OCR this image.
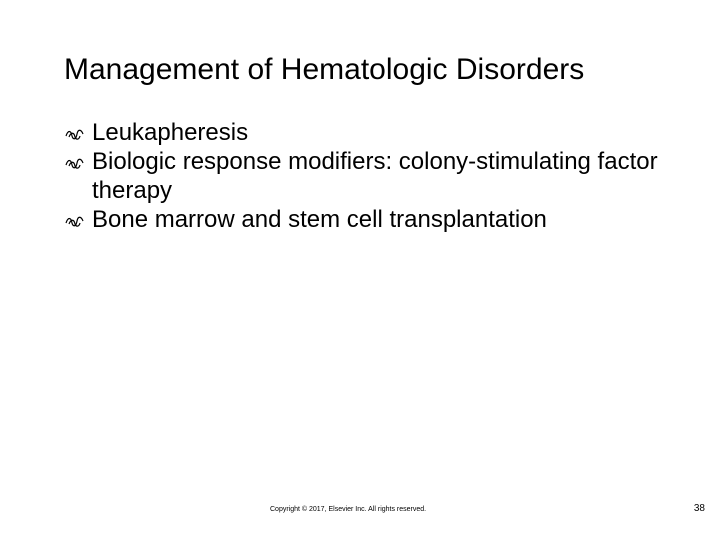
Management of Hematologic Disorders
Leukapheresis
Biologic response modifiers: colony-stimulating factor therapy
Bone marrow and stem cell transplantation
Copyright © 2017, Elsevier Inc. All rights reserved.	38
